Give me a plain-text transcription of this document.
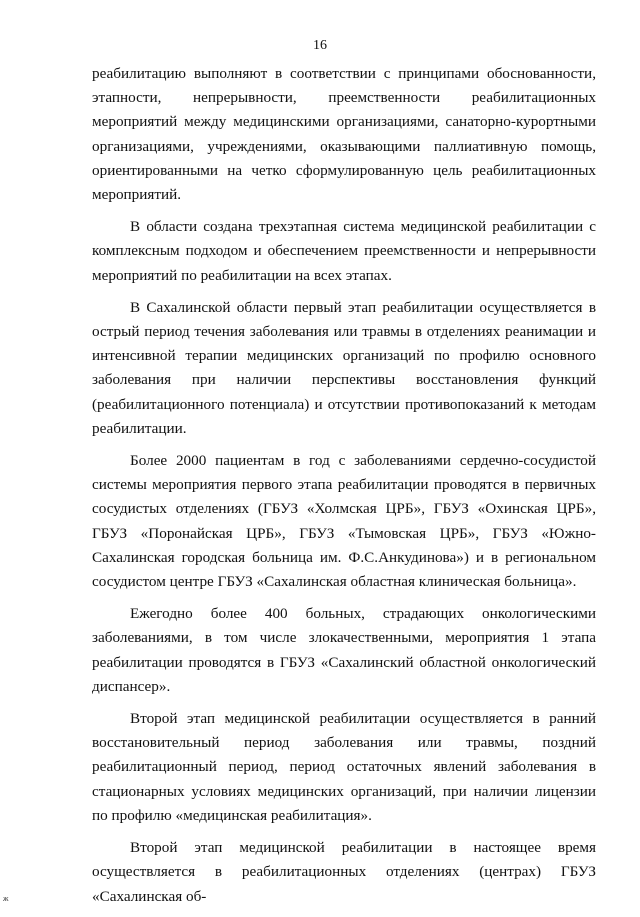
16

реабилитацию выполняют в соответствии с принципами обоснованности, этапности, непрерывности, преемственности реабилитационных мероприятий между медицинскими организациями, санаторно-курортными организациями, учреждениями, оказывающими паллиативную помощь, ориентированными на четко сформулированную цель реабилитационных мероприятий.

В области создана трехэтапная система медицинской реабилитации с комплексным подходом и обеспечением преемственности и непрерывности мероприятий по реабилитации на всех этапах.

В Сахалинской области первый этап реабилитации осуществляется в острый период течения заболевания или травмы в отделениях реанимации и интенсивной терапии медицинских организаций по профилю основного заболевания при наличии перспективы восстановления функций (реабилитационного потенциала) и отсутствии противопоказаний к методам реабилитации.

Более 2000 пациентам в год с заболеваниями сердечно-сосудистой системы мероприятия первого этапа реабилитации проводятся в первичных сосудистых отделениях (ГБУЗ «Холмская ЦРБ», ГБУЗ «Охинская ЦРБ», ГБУЗ «Поронайская ЦРБ», ГБУЗ «Тымовская ЦРБ», ГБУЗ «Южно-Сахалинская городская больница им. Ф.С.Анкудинова») и в региональном сосудистом центре ГБУЗ «Сахалинская областная клиническая больница».

Ежегодно более 400 больных, страдающих онкологическими заболеваниями, в том числе злокачественными, мероприятия 1 этапа реабилитации проводятся в ГБУЗ «Сахалинский областной онкологический диспансер».

Второй этап медицинской реабилитации осуществляется в ранний восстановительный период заболевания или травмы, поздний реабилитационный период, период остаточных явлений заболевания в стационарных условиях медицинских организаций, при наличии лицензии по профилю «медицинская реабилитация».

Второй этап медицинской реабилитации в настоящее время осуществляется в реабилитационных отделениях (центрах) ГБУЗ «Сахалинская об-

ж
